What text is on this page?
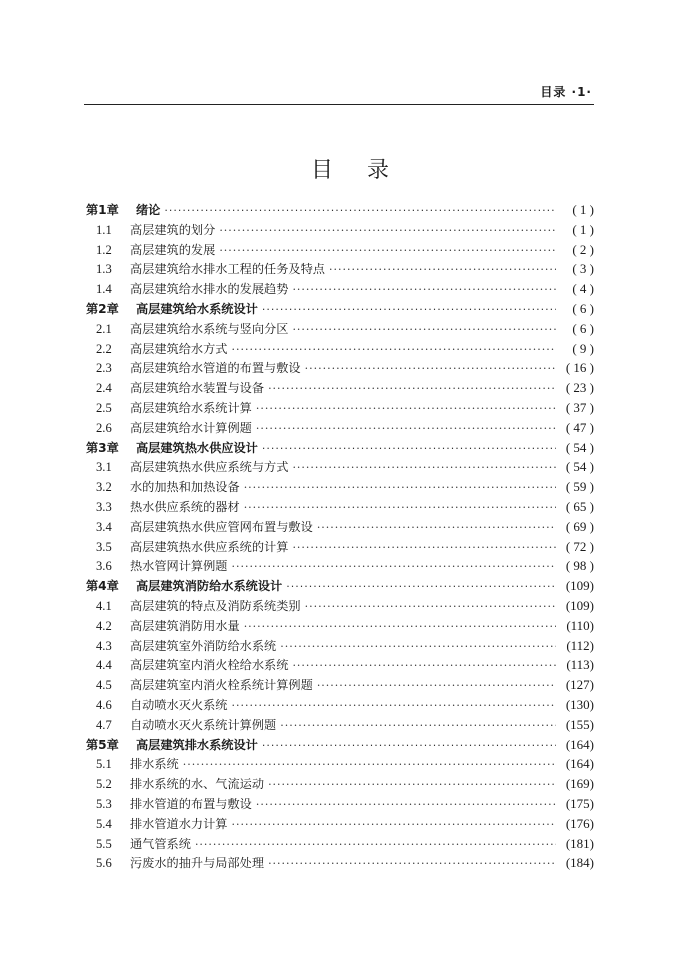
目录 ·1·
目录
第1章	绪论 ·····	( 1 )
1.1	高层建筑的划分 ·····	( 1 )
1.2	高层建筑的发展 ·····	( 2 )
1.3	高层建筑给水排水工程的任务及特点 ·····	( 3 )
1.4	高层建筑给水排水的发展趋势 ·····	( 4 )
第2章	高层建筑给水系统设计 ·····	( 6 )
2.1	高层建筑给水系统与竖向分区 ·····	( 6 )
2.2	高层建筑给水方式 ·····	( 9 )
2.3	高层建筑给水管道的布置与敷设 ·····	( 16 )
2.4	高层建筑给水装置与设备 ·····	( 23 )
2.5	高层建筑给水系统计算 ·····	( 37 )
2.6	高层建筑给水计算例题 ·····	( 47 )
第3章	高层建筑热水供应设计 ·····	( 54 )
3.1	高层建筑热水供应系统与方式 ·····	( 54 )
3.2	水的加热和加热设备 ·····	( 59 )
3.3	热水供应系统的器材 ·····	( 65 )
3.4	高层建筑热水供应管网布置与敷设 ·····	( 69 )
3.5	高层建筑热水供应系统的计算 ·····	( 72 )
3.6	热水管网计算例题 ·····	( 98 )
第4章	高层建筑消防给水系统设计 ·····	(109)
4.1	高层建筑的特点及消防系统类别 ·····	(109)
4.2	高层建筑消防用水量 ·····	(110)
4.3	高层建筑室外消防给水系统 ·····	(112)
4.4	高层建筑室内消火栓给水系统 ·····	(113)
4.5	高层建筑室内消火栓系统计算例题 ·····	(127)
4.6	自动喷水灭火系统 ·····	(130)
4.7	自动喷水灭火系统计算例题 ·····	(155)
第5章	高层建筑排水系统设计 ·····	(164)
5.1	排水系统 ·····	(164)
5.2	排水系统的水、气流运动 ·····	(169)
5.3	排水管道的布置与敷设 ·····	(175)
5.4	排水管道水力计算 ·····	(176)
5.5	通气管系统 ·····	(181)
5.6	污废水的抽升与局部处理 ·····	(184)
